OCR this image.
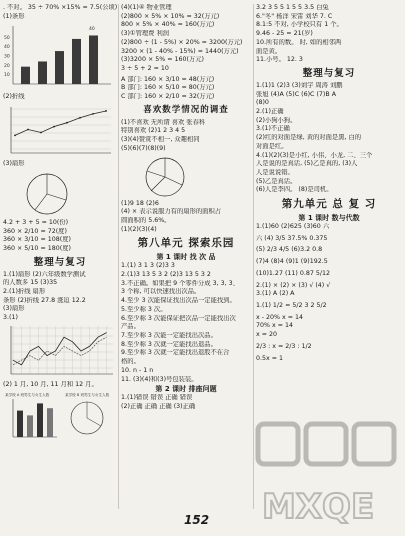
. 不对。 35 ÷ 70% ×15% = 7.5(公顷)
(1)条形
10
20
30
40
50
40
(2)折线
(3)扇形
4.2 + 3 + 5 = 10(份)
360 × 2/10 = 72(度)
360 × 3/10 = 108(度)
360 × 5/10 = 180(度)
整理与复习
1.(1)扇形 (2)六年级数学测试
的人数多 15 (3)35
2.(1)折线 扇形
条形 (2)折线 27.8 涨迫 12.2
(3)扇形
3.(1)
(2) 1 月, 10 月, 11 月和 12 月。
某学校 A 班男生与女生人数	某学校 B 班男生与女生人数
(4)(1)④ 物业管理
(2)800 × 5% × 10% = 32(万元)
800 × 5% × 40% = 160(万元)
(3)①管理费 利润
(2)800 ÷ (1 - 5%) × 20% = 3200(万元)
3200 × (1 - 40% - 15%) = 1440(万元)
(3)3200 × 5% = 160(万元)
3 ÷ 5 + 2 = 10
A 部门: 160 × 3/10 = 48(万元)
B 部门: 160 × 5/10 = 80(万元)
C 部门: 160 × 2/10 = 32(万元)
喜欢数学情况的调查
(1)不喜欢 无所谓 喜欢 张春科
特别喜欢 (2)1 2 3 4 5
(3)(4)赞赏不相一, 众趣相同
(5)(6)(7)(8)(9)
(1)9 18 (2)6
(4) × 表示说服力有的扇形的面积占
圆面积的 5.6%。
(1)(2)(3)(4)
第八单元 探索乐园
第 1 课时 找 次 品
1.(1) 3 1 3 (2)3 3
2.(1)3 13 5 3 2 (2)3 13 5 3 2
3.不正确。如果把 9 个零件分成 3, 3, 3、
3 个称, 可以快速找出次品。
4.至少 3 次能保证找出次品一定能找到。
5.至少称 3 次。
6.至少称 3 次能保证把次品一定能找出次
产品。
7.至少称 3 次能一定能找出次品。
8.至少称 3 次就一定能找出退品。
9.至少称 3 次就一定能找出退股不在合
格的。
10. n - 1 n
11. (3)(4)和(3)号包装装。
第 2 课时 排座问题
1.(1)错误 错误 正确 错误
(2)正确 正确 正确 (3)正确
3.2 3 5 5 1 5 5 3.5 白兔
6."冬" 杨洋 宋雷 刘华 7. C
8.1:5 不对, 小学校只有 1 个。
9.46 - 25 = 21(岁)
10.所有的数。 时, 如的相邻两
面是黄。
11.小号。 12. 3
整理与复习
1.(1)1 (2)3 (3)刘宇 周涛 刘鹏
张旭 (4)A (5)C (6)C (7)B A
(8)0
2.(1)正确
(2)小狗小狗。
3.(1)不正确
(2)红的对面是绿, 黄的对面是黑, 白的
对面是红。
4.(1)(2)(3)是小红, 小伟、小龙, 二、三个
人是说的是真话, (5)乙是真的, (3)人
人是说说错。
(5)乙是真话。
(6)人是李四。 (8)是司机。
第九单元 总 复 习
第 1 课时 数与代数
1.(1)60 (2)625 (3)60 六
六 (4) 3/5 37.5% 0.375
(5) 2/3 4/5 (6)3.2 0.8
(7)4 (8)4 (9)1 (9)192.5
(10)1.27 (11) 0.87 5/12
2.(1) × (2) × (3) √ (4) √
3.(1) A (2) A
1.(1) 1/2 = 5/2 3 2 5/2
x - 20% x = 14
70% x = 14
x = 20
2/3 : x = 2/3 : 1/2
0.5x = 1
MXQE
152
